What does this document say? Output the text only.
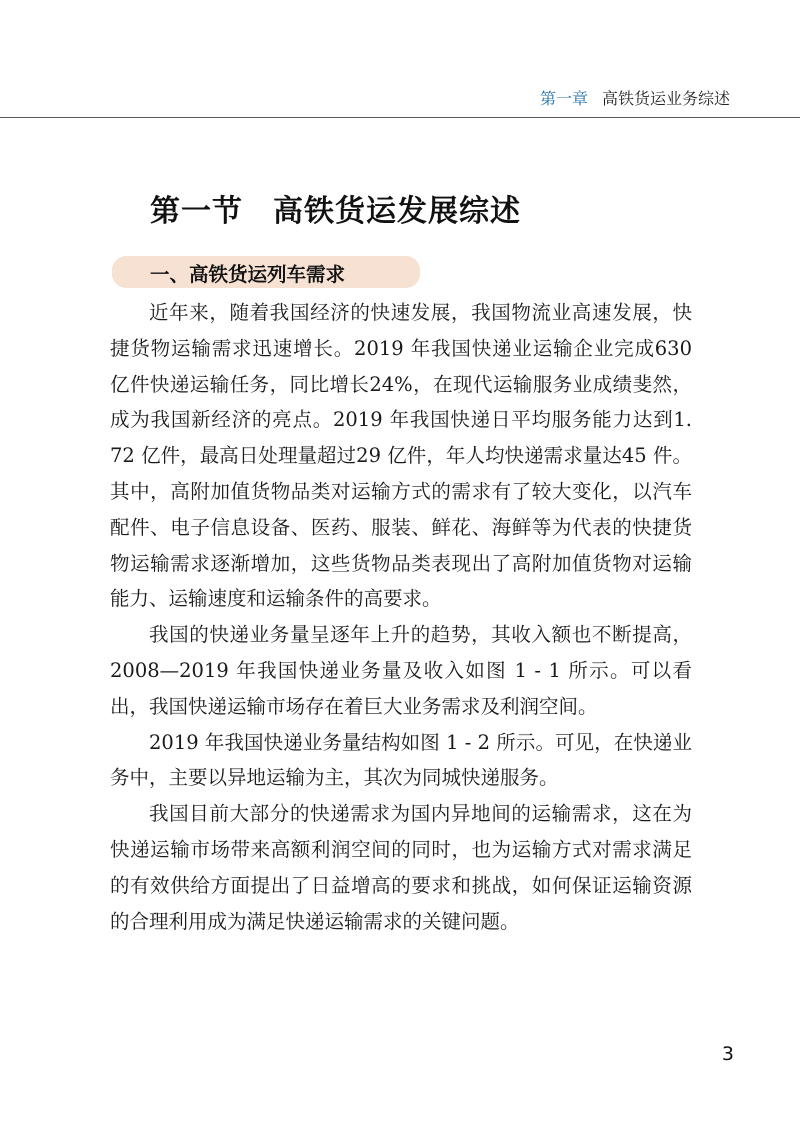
第一章 高铁货运业务综述
第一节 高铁货运发展综述
一、高铁货运列车需求

近年来，随着我国经济的快速发展，我国物流业高速发展，快捷货物运输需求迅速增长。2019 年我国快递业运输企业完成630 亿件快递运输任务，同比增长24%，在现代运输服务业成绩斐然，成为我国新经济的亮点。2019 年我国快递日平均服务能力达到1. 72 亿件，最高日处理量超过29 亿件，年人均快递需求量达45 件。其中，高附加值货物品类对运输方式的需求有了较大变化，以汽车配件、电子信息设备、医药、服装、鲜花、海鲜等为代表的快捷货物运输需求逐渐增加，这些货物品类表现出了高附加值货物对运输能力、运输速度和运输条件的高要求。

我国的快递业务量呈逐年上升的趋势，其收入额也不断提高，2008—2019 年我国快递业务量及收入如图 1 - 1 所示。可以看出，我国快递运输市场存在着巨大业务需求及利润空间。

2019 年我国快递业务量结构如图 1 - 2 所示。可见，在快递业务中，主要以异地运输为主，其次为同城快递服务。

我国目前大部分的快递需求为国内异地间的运输需求，这在为快递运输市场带来高额利润空间的同时，也为运输方式对需求满足的有效供给方面提出了日益增高的要求和挑战，如何保证运输资源的合理利用成为满足快递运输需求的关键问题。

3
